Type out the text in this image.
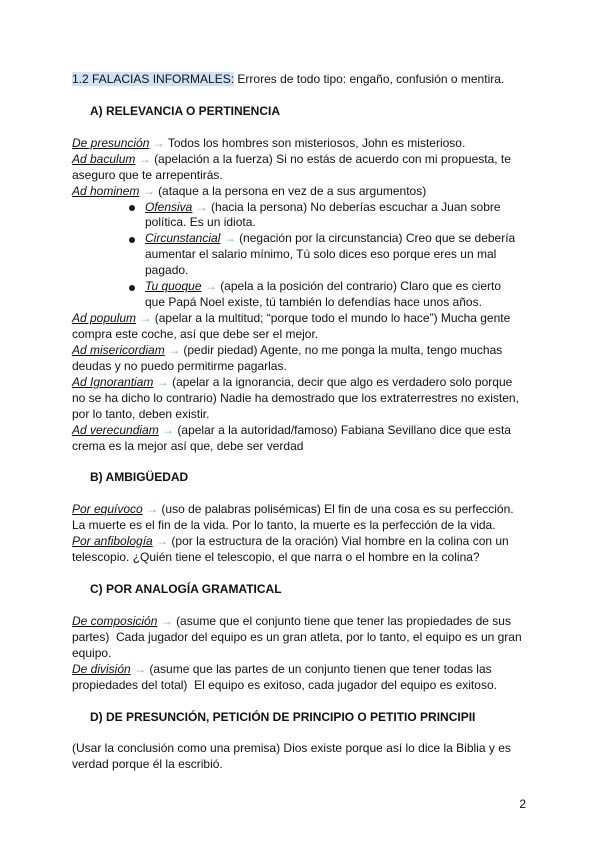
1.2 FALACIAS INFORMALES: Errores de todo tipo: engaño, confusión o mentira.
A) RELEVANCIA O PERTINENCIA
De presunción → Todos los hombres son misteriosos, John es misterioso.
Ad baculum → (apelación a la fuerza) Si no estás de acuerdo con mi propuesta, te
aseguro que te arrepentirás.
Ad hominem → (ataque a la persona en vez de a sus argumentos)
Ofensiva → (hacia la persona) No deberías escuchar a Juan sobre
política. Es un idiota.
Circunstancial → (negación por la circunstancia) Creo que se debería
aumentar el salario mínimo, Tú solo dices eso porque eres un mal
pagado.
Tu quoque → (apela a la posición del contrario) Claro que es cierto
que Papá Noel existe, tú también lo defendías hace unos años.
Ad populum → (apelar a la multitud; “porque todo el mundo lo hace”) Mucha gente
compra este coche, así que debe ser el mejor.
Ad misericordiam → (pedir piedad) Agente, no me ponga la multa, tengo muchas
deudas y no puedo permitirme pagarlas.
Ad Ignorantiam → (apelar a la ignorancia, decir que algo es verdadero solo porque
no se ha dicho lo contrario) Nadie ha demostrado que los extraterrestres no existen,
por lo tanto, deben existir.
Ad verecundiam → (apelar a la autoridad/famoso) Fabiana Sevillano dice que esta
crema es la mejor así que, debe ser verdad
B) AMBIGÜEDAD
Por equívoco → (uso de palabras polisémicas) El fin de una cosa es su perfección.
La muerte es el fin de la vida. Por lo tanto, la muerte es la perfección de la vida.
Por anfibología → (por la estructura de la oración) Vial hombre en la colina con un
telescopio. ¿Quién tiene el telescopio, el que narra o el hombre en la colina?
C) POR ANALOGÍA GRAMATICAL
De composición → (asume que el conjunto tiene que tener las propiedades de sus
partes)  Cada jugador del equipo es un gran atleta, por lo tanto, el equipo es un gran
equipo.
De división → (asume que las partes de un conjunto tienen que tener todas las
propiedades del total)  El equipo es exitoso, cada jugador del equipo es exitoso.
D) DE PRESUNCIÓN, PETICIÓN DE PRINCIPIO O PETITIO PRINCIPII
(Usar la conclusión como una premisa) Dios existe porque así lo dice la Biblia y es
verdad porque él la escribió.
2
